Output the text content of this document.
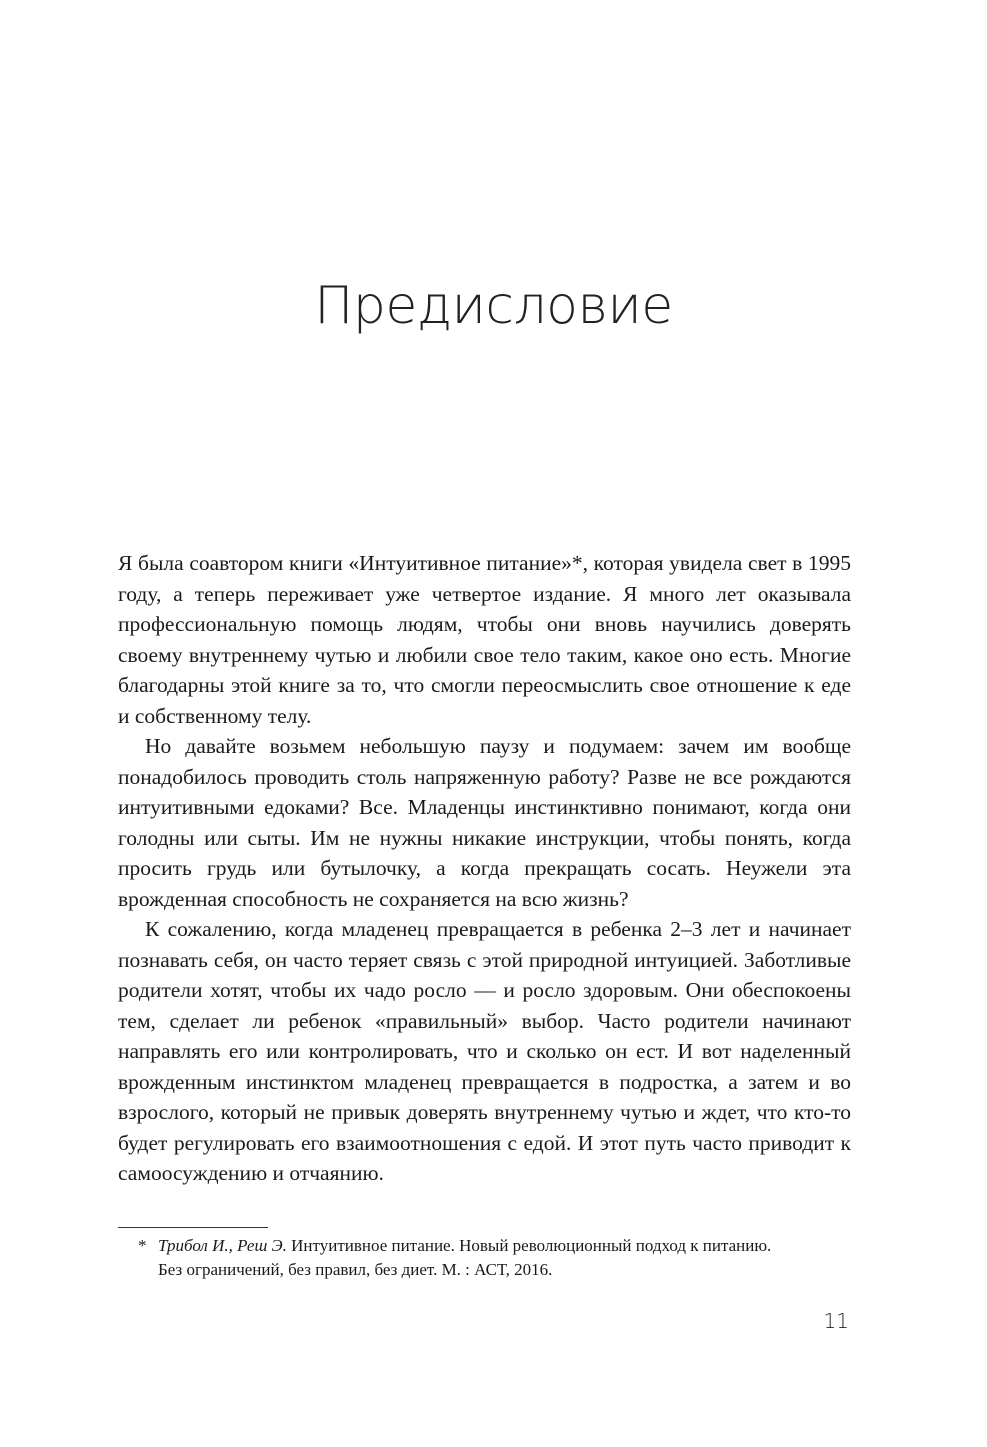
Предисловие

Я была соавтором книги «Интуитивное питание»*, которая увидела свет в 1995 году, а теперь переживает уже четвертое издание. Я много лет оказывала профессиональную помощь людям, чтобы они вновь научились доверять своему внутреннему чутью и любили свое тело таким, какое оно есть. Многие благодарны этой книге за то, что смогли переосмыслить свое отношение к еде и собственному телу.

Но давайте возьмем небольшую паузу и подумаем: зачем им вообще понадобилось проводить столь напряженную работу? Разве не все рождаются интуитивными едоками? Все. Младенцы инстинктивно понимают, когда они голодны или сыты. Им не нужны никакие инструкции, чтобы понять, когда просить грудь или бутылочку, а когда прекращать сосать. Неужели эта врожденная способность не сохраняется на всю жизнь?

К сожалению, когда младенец превращается в ребенка 2–3 лет и начинает познавать себя, он часто теряет связь с этой природной интуицией. Заботливые родители хотят, чтобы их чадо росло — и росло здоровым. Они обеспокоены тем, сделает ли ребенок «правильный» выбор. Часто родители начинают направлять его или контролировать, что и сколько он ест. И вот наделенный врожденным инстинктом младенец превращается в подростка, а затем и во взрослого, который не привык доверять внутреннему чутью и ждет, что кто-то будет регулировать его взаимоотношения с едой. И этот путь часто приводит к самоосуждению и отчаянию.

* Трибол И., Реш Э. Интуитивное питание. Новый революционный подход к питанию.
Без ограничений, без правил, без диет. М. : АСТ, 2016.
11
